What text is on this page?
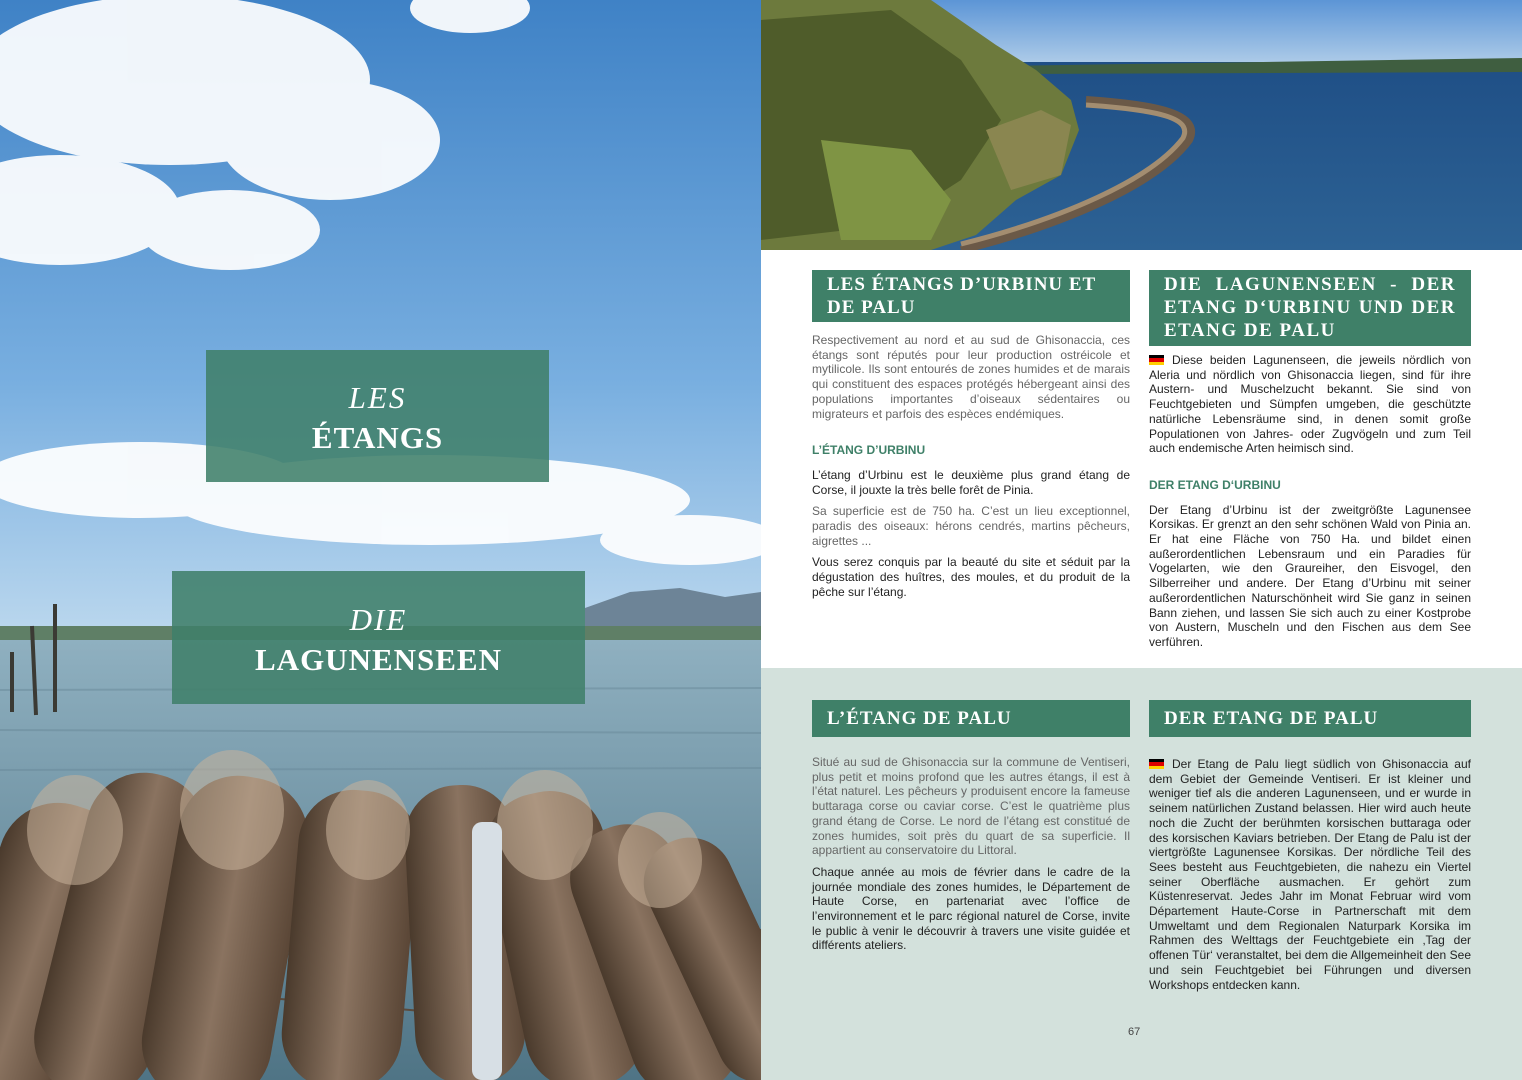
LES
ÉTANGS
DIE
LAGUNENSEEN
LES ÉTANGS D’URBINU ET DE PALU

Respectivement au nord et au sud de Ghisonaccia, ces étangs sont réputés pour leur production ostréicole et mytilicole. Ils sont entourés de zones humides et de marais qui constituent des espaces protégés hébergeant ainsi des populations importantes d’oiseaux sédentaires ou migrateurs et parfois des espèces endémiques.

L’ÉTANG D’URBINU

L’étang d’Urbinu est le deuxième plus grand étang de Corse, il jouxte la très belle forêt de Pinia.

Sa superficie est de 750 ha. C’est un lieu exceptionnel, paradis des oiseaux: hérons cendrés, martins pêcheurs, aigrettes ...

Vous serez conquis par la beauté du site et séduit par la dégustation des huîtres, des moules, et du produit de la pêche sur l’étang.

DIE LAGUNENSEEN - DER ETANG D‘URBINU UND DER ETANG DE PALU

Diese beiden Lagunenseen, die jeweils nördlich von Aleria und nördlich von Ghisonaccia liegen, sind für ihre Austern- und Muschelzucht bekannt. Sie sind von Feuchtgebieten und Sümpfen umgeben, die geschützte natürliche Lebensräume sind, in denen somit große Populationen von Jahres- oder Zugvögeln und zum Teil auch endemische Arten heimisch sind.

DER ETANG D‘URBINU

Der Etang d’Urbinu ist der zweitgrößte Lagunensee Korsikas. Er grenzt an den sehr schönen Wald von Pinia an. Er hat eine Fläche von 750 Ha. und bildet einen außerordentlichen Lebensraum und ein Paradies für Vogelarten, wie den Graureiher, den Eisvogel, den Silberreiher und andere. Der Etang d’Urbinu mit seiner außerordentlichen Naturschönheit wird Sie ganz in seinen Bann ziehen, und lassen Sie sich auch zu einer Kostprobe von Austern, Muscheln und den Fischen aus dem See verführen.

L’ÉTANG DE PALU

Situé au sud de Ghisonaccia sur la commune de Ventiseri, plus petit et moins profond que les autres étangs, il est à l’état naturel. Les pêcheurs y produisent encore la fameuse buttaraga corse ou caviar corse. C’est le quatrième plus grand étang de Corse. Le nord de l’étang est constitué de zones humides, soit près du quart de sa superficie. Il appartient au conservatoire du Littoral.

Chaque année au mois de février dans le cadre de la journée mondiale des zones humides, le Département de Haute Corse, en partenariat avec l’office de l’environnement et le parc régional naturel de Corse, invite le public à venir le découvrir à travers une visite guidée et différents ateliers.

DER ETANG DE PALU

Der Etang de Palu liegt südlich von Ghisonaccia auf dem Gebiet der Gemeinde Ventiseri. Er ist kleiner und weniger tief als die anderen Lagunenseen, und er wurde in seinem natürlichen Zustand belassen. Hier wird auch heute noch die Zucht der berühmten korsischen buttaraga oder des korsischen Kaviars betrieben. Der Etang de Palu ist der viertgrößte Lagunensee Korsikas. Der nördliche Teil des Sees besteht aus Feuchtgebieten, die nahezu ein Viertel seiner Oberfläche ausmachen. Er gehört zum Küstenreservat. Jedes Jahr im Monat Februar wird vom Département Haute-Corse in Partnerschaft mit dem Umweltamt und dem Regionalen Naturpark Korsika im Rahmen des Welttags der Feuchtgebiete ein ‚Tag der offenen Tür‘ veranstaltet, bei dem die Allgemeinheit den See und sein Feuchtgebiet bei Führungen und diversen Workshops entdecken kann.

67
